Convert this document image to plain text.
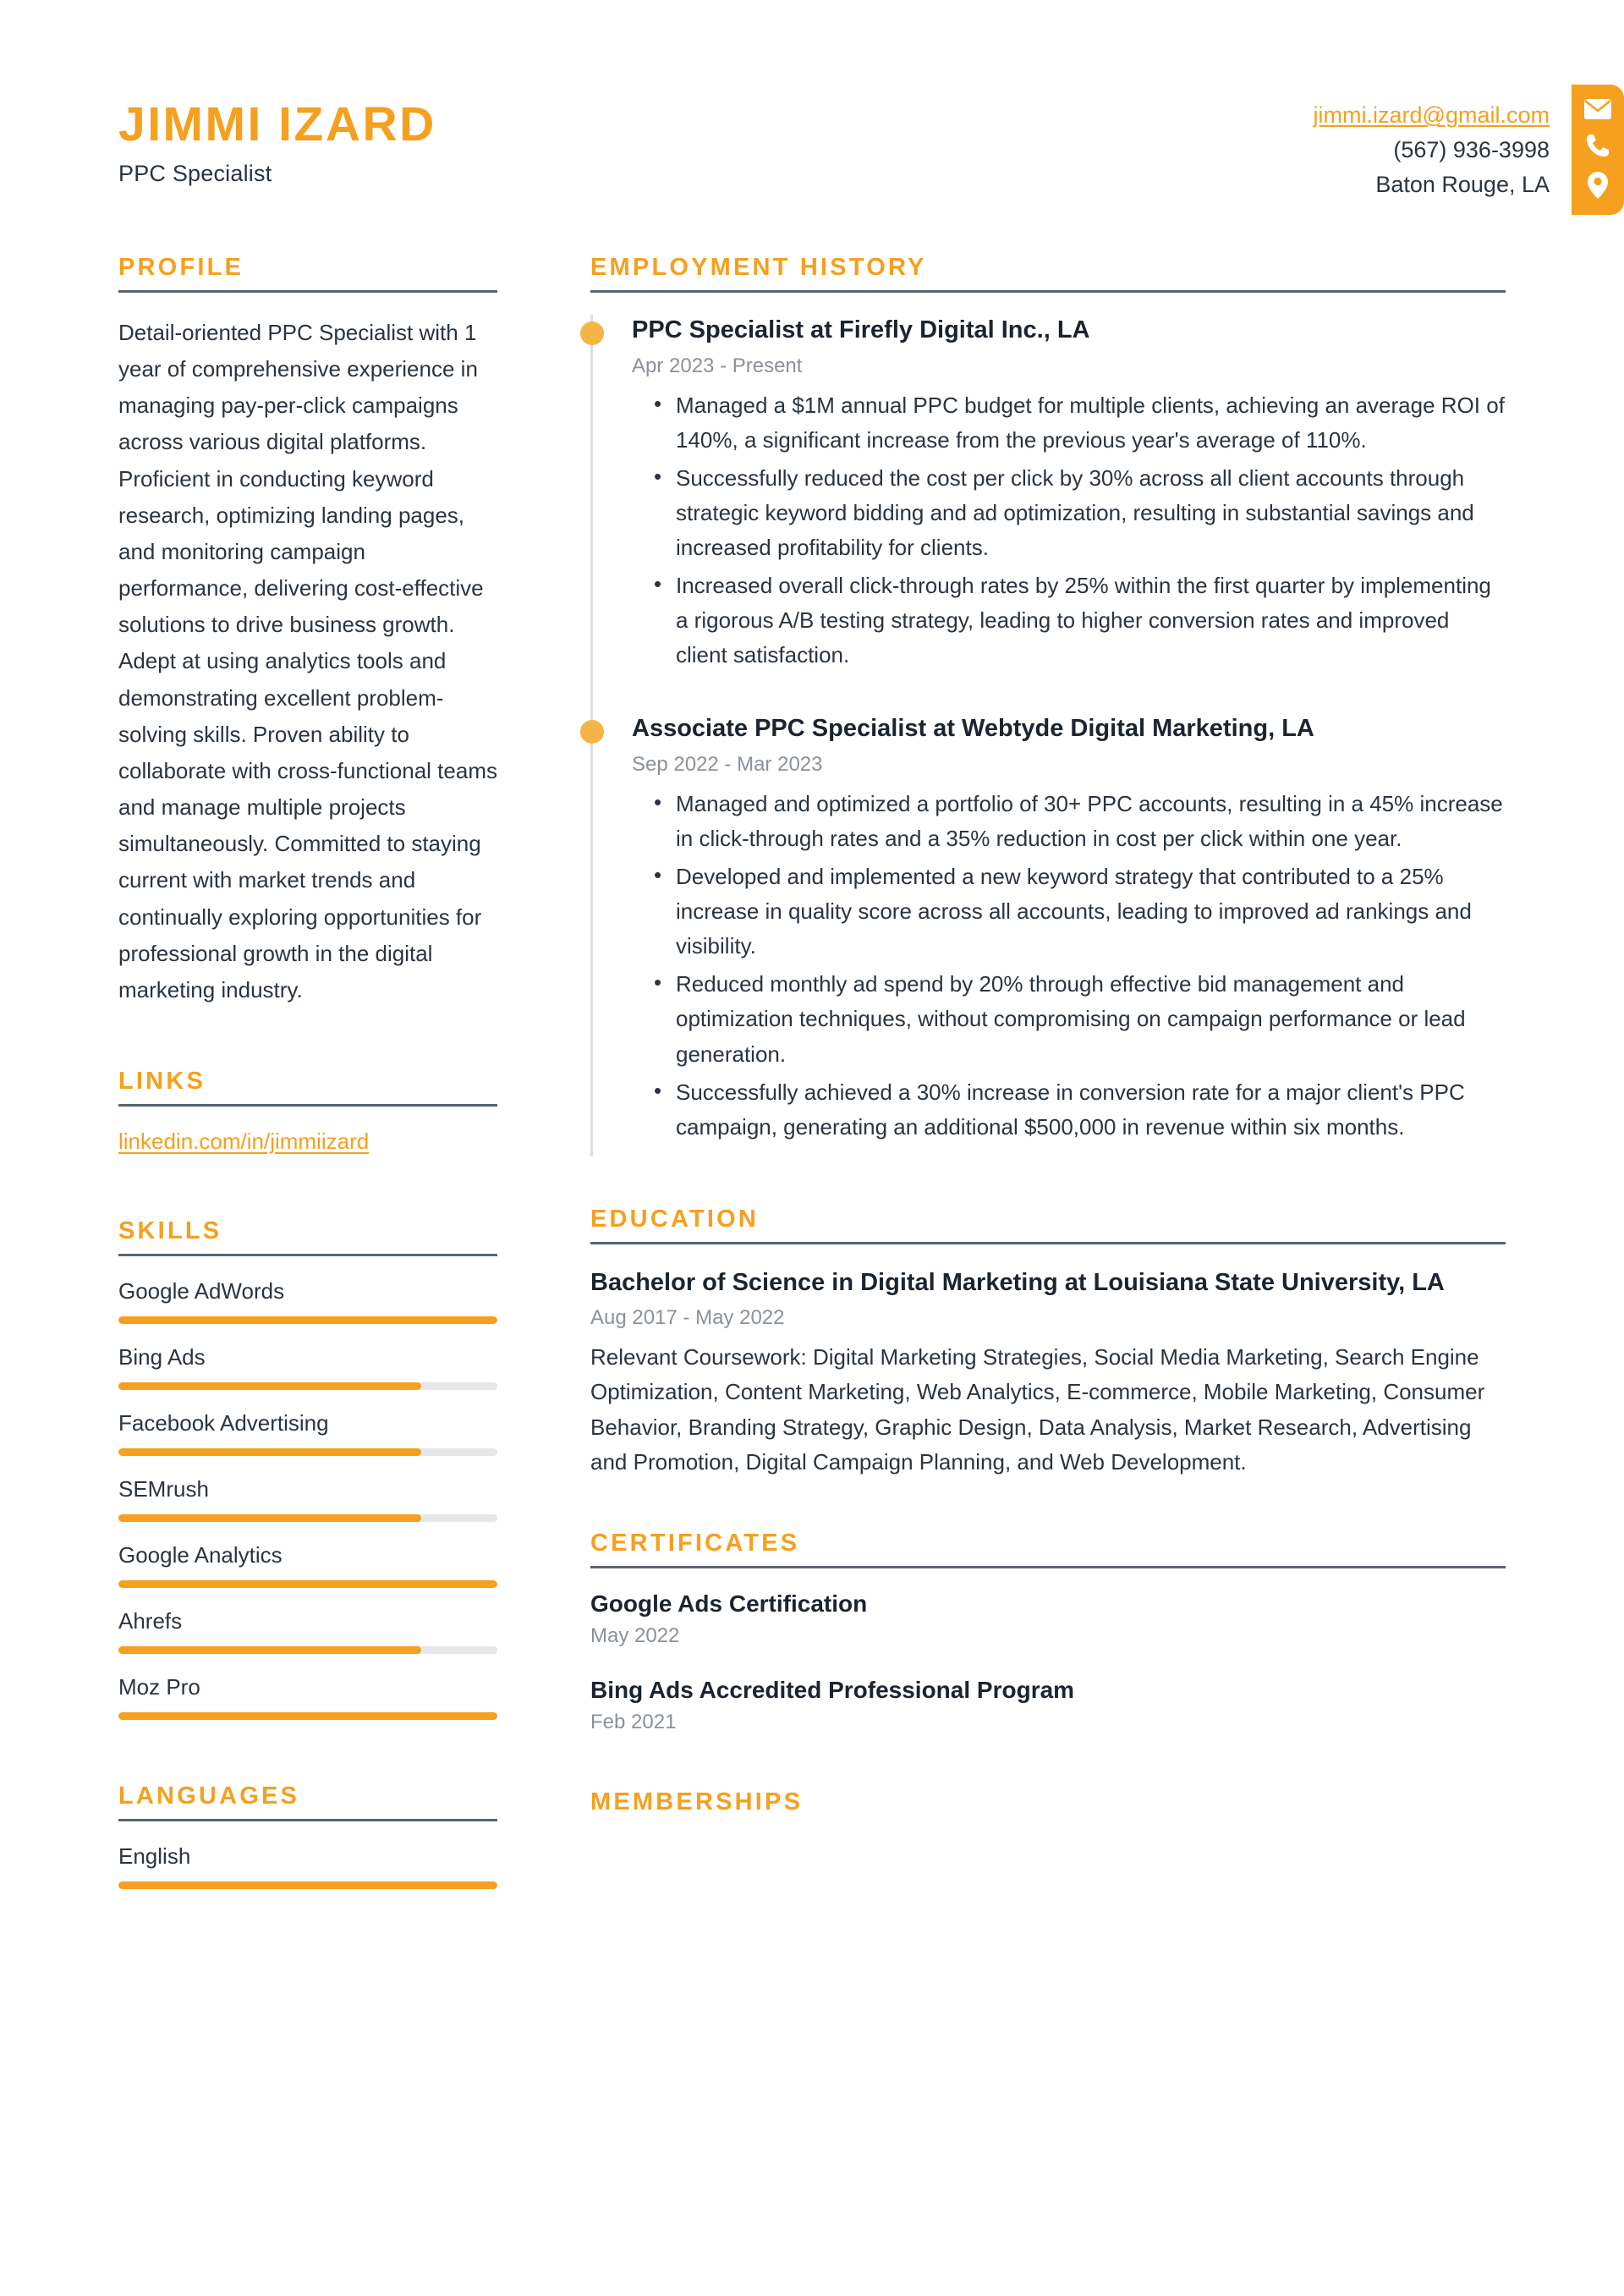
JIMMI IZARD
PPC Specialist
jimmi.izard@gmail.com
(567) 936-3998
Baton Rouge, LA
PROFILE
Detail-oriented PPC Specialist with 1 year of comprehensive experience in managing pay-per-click campaigns across various digital platforms. Proficient in conducting keyword research, optimizing landing pages, and monitoring campaign performance, delivering cost-effective solutions to drive business growth. Adept at using analytics tools and demonstrating excellent problem-solving skills. Proven ability to collaborate with cross-functional teams and manage multiple projects simultaneously. Committed to staying current with market trends and continually exploring opportunities for professional growth in the digital marketing industry.
LINKS
linkedin.com/in/jimmiizard
SKILLS
Google AdWords
Bing Ads
Facebook Advertising
SEMrush
Google Analytics
Ahrefs
Moz Pro
LANGUAGES
English
EMPLOYMENT HISTORY
PPC Specialist at Firefly Digital Inc., LA
Apr 2023 - Present
• Managed a $1M annual PPC budget for multiple clients, achieving an average ROI of 140%, a significant increase from the previous year's average of 110%.
• Successfully reduced the cost per click by 30% across all client accounts through strategic keyword bidding and ad optimization, resulting in substantial savings and increased profitability for clients.
• Increased overall click-through rates by 25% within the first quarter by implementing a rigorous A/B testing strategy, leading to higher conversion rates and improved client satisfaction.
Associate PPC Specialist at Webtyde Digital Marketing, LA
Sep 2022 - Mar 2023
• Managed and optimized a portfolio of 30+ PPC accounts, resulting in a 45% increase in click-through rates and a 35% reduction in cost per click within one year.
• Developed and implemented a new keyword strategy that contributed to a 25% increase in quality score across all accounts, leading to improved ad rankings and visibility.
• Reduced monthly ad spend by 20% through effective bid management and optimization techniques, without compromising on campaign performance or lead generation.
• Successfully achieved a 30% increase in conversion rate for a major client's PPC campaign, generating an additional $500,000 in revenue within six months.
EDUCATION
Bachelor of Science in Digital Marketing at Louisiana State University, LA
Aug 2017 - May 2022
Relevant Coursework: Digital Marketing Strategies, Social Media Marketing, Search Engine Optimization, Content Marketing, Web Analytics, E-commerce, Mobile Marketing, Consumer Behavior, Branding Strategy, Graphic Design, Data Analysis, Market Research, Advertising and Promotion, Digital Campaign Planning, and Web Development.
CERTIFICATES
Google Ads Certification
May 2022
Bing Ads Accredited Professional Program
Feb 2021
MEMBERSHIPS
